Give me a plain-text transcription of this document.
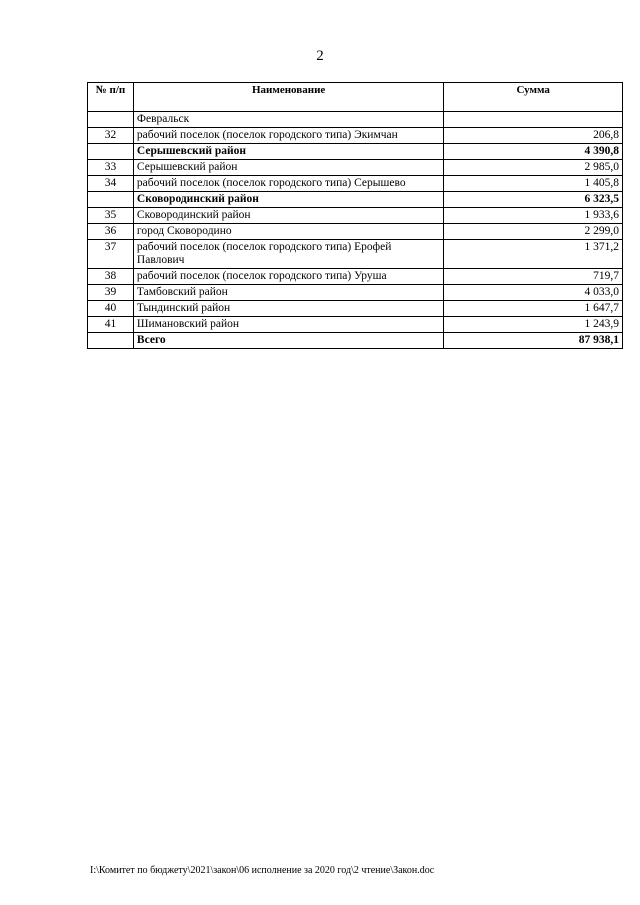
2
№ п/п	Наименование	Сумма
	Февральск	
32	рабочий поселок (поселок городского типа) Экимчан	206,8
	Серышевский район	4 390,8
33	Серышевский район	2 985,0
34	рабочий поселок (поселок городского типа) Серышево	1 405,8
	Сковородинский район	6 323,5
35	Сковородинский район	1 933,6
36	город Сковородино	2 299,0
37	рабочий поселок (поселок городского типа) Ерофей Павлович	1 371,2
38	рабочий поселок (поселок городского типа) Уруша	719,7
39	Тамбовский район	4 033,0
40	Тындинский район	1 647,7
41	Шимановский район	1 243,9
	Всего	87 938,1
I:\Комитет по бюджету\2021\закон\06 исполнение за 2020 год\2 чтение\Закон.doc
